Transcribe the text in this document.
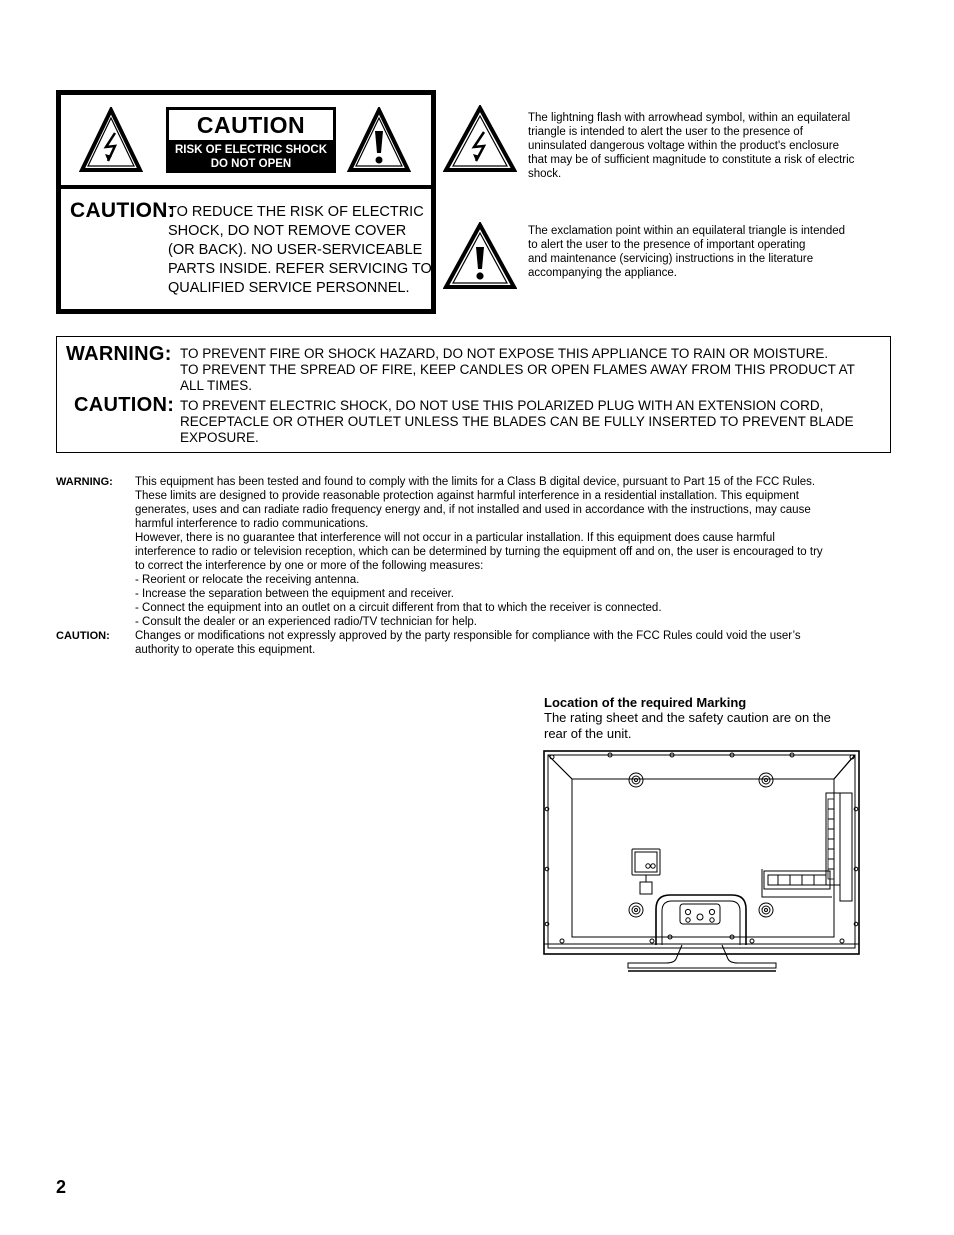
CAUTION
RISK OF ELECTRIC SHOCK
DO NOT OPEN
CAUTION:
TO REDUCE THE RISK OF ELECTRIC
SHOCK, DO NOT REMOVE COVER
(OR BACK). NO USER-SERVICEABLE
PARTS INSIDE. REFER SERVICING TO
QUALIFIED SERVICE PERSONNEL.
The lightning flash with arrowhead symbol, within an equilateral
triangle is intended to alert the user to the presence of
uninsulated dangerous voltage within the product's enclosure
that may be of sufficient magnitude to constitute a risk of electric
shock.
The exclamation point within an equilateral triangle is intended
to alert the user to the presence of important operating
and maintenance (servicing) instructions in the literature
accompanying the appliance.
WARNING: TO PREVENT FIRE OR SHOCK HAZARD, DO NOT EXPOSE THIS APPLIANCE TO RAIN OR MOISTURE.
TO PREVENT THE SPREAD OF FIRE, KEEP CANDLES OR OPEN FLAMES AWAY FROM THIS PRODUCT AT
ALL TIMES.
CAUTION: TO PREVENT ELECTRIC SHOCK, DO NOT USE THIS POLARIZED PLUG WITH AN EXTENSION CORD,
RECEPTACLE OR OTHER OUTLET UNLESS THE BLADES CAN BE FULLY INSERTED TO PREVENT BLADE
EXPOSURE.
WARNING: This equipment has been tested and found to comply with the limits for a Class B digital device, pursuant to Part 15 of the FCC Rules.
These limits are designed to provide reasonable protection against harmful interference in a residential installation. This equipment
generates, uses and can radiate radio frequency energy and, if not installed and used in accordance with the instructions, may cause
harmful interference to radio communications.
However, there is no guarantee that interference will not occur in a particular installation. If this equipment does cause harmful
interference to radio or television reception, which can be determined by turning the equipment off and on, the user is encouraged to try
to correct the interference by one or more of the following measures:
- Reorient or relocate the receiving antenna.
- Increase the separation between the equipment and receiver.
- Connect the equipment into an outlet on a circuit different from that to which the receiver is connected.
- Consult the dealer or an experienced radio/TV technician for help.
CAUTION: Changes or modifications not expressly approved by the party responsible for compliance with the FCC Rules could void the user’s
authority to operate this equipment.
Location of the required Marking
The rating sheet and the safety caution are on the
rear of the unit.
2
